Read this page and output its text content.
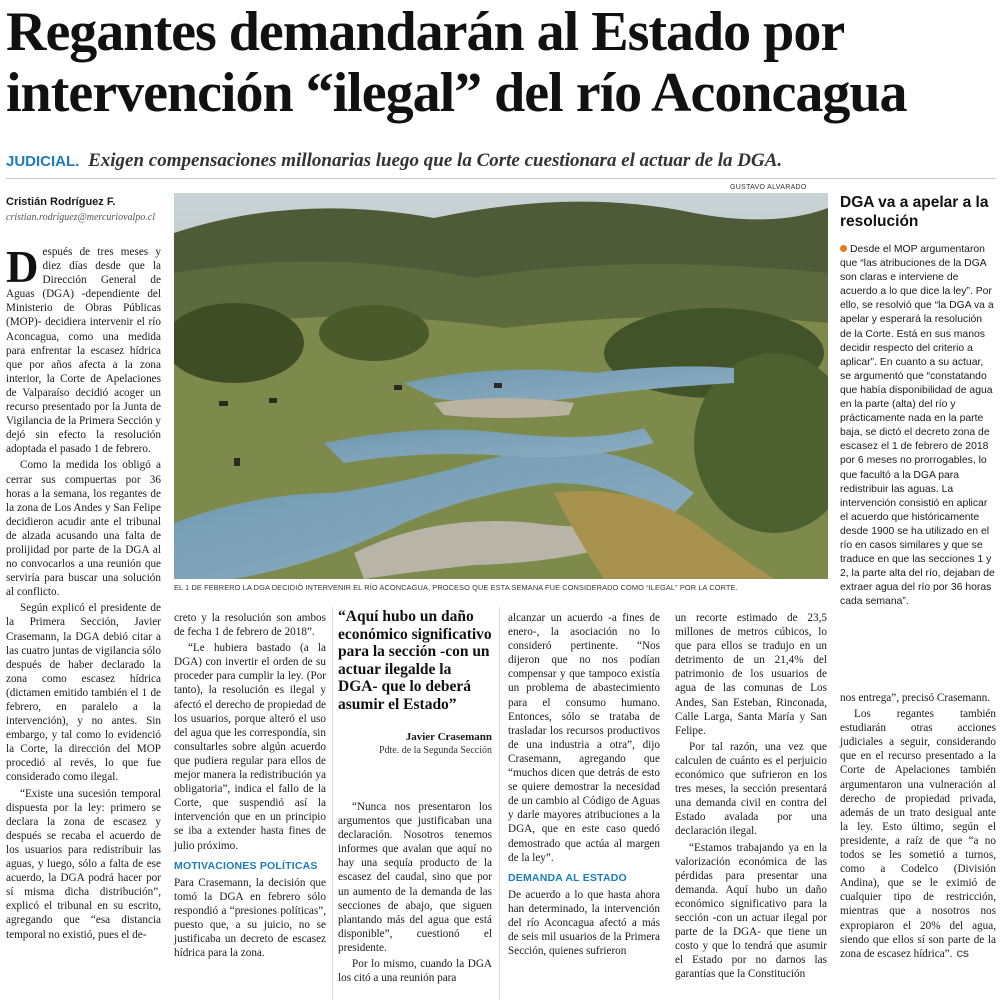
Regantes demandarán al Estado por intervención “ilegal” del río Aconcagua
JUDICIAL. Exigen compensaciones millonarias luego que la Corte cuestionara el actuar de la DGA.
Cristián Rodríguez F.
cristian.rodriguez@mercuriovalpo.cl
GUSTAVO ALVARADO
EL 1 DE FEBRERO LA DGA DECIDIÓ INTERVENIR EL RÍO ACONCAGUA, PROCESO QUE ESTA SEMANA FUE CONSIDERADO COMO “ILEGAL” POR LA CORTE.

Después de tres meses y diez días desde que la Dirección General de Aguas (DGA) -dependiente del Ministerio de Obras Públicas (MOP)- decidiera intervenir el río Aconcagua, como una medida para enfrentar la escasez hídrica que por años afecta a la zona interior, la Corte de Apelaciones de Valparaíso decidió acoger un recurso presentado por la Junta de Vigilancia de la Primera Sección y dejó sin efecto la resolución adoptada el pasado 1 de febrero.

Como la medida los obligó a cerrar sus compuertas por 36 horas a la semana, los regantes de la zona de Los Andes y San Felipe decidieron acudir ante el tribunal de alzada acusando una falta de prolijidad por parte de la DGA al no convocarlos a una reunión que serviría para buscar una solución al conflicto.

Según explicó el presidente de la Primera Sección, Javier Crasemann, la DGA debió citar a las cuatro juntas de vigilancia sólo después de haber declarado la zona como escasez hídrica (dictamen emitido también el 1 de febrero, en paralelo a la intervención), y no antes. Sin embargo, y tal como lo evidenció la Corte, la dirección del MOP procedió al revés, lo que fue considerado como ilegal.

“Existe una sucesión temporal dispuesta por la ley: primero se declara la zona de escasez y después se recaba el acuerdo de los usuarios para redistribuir las aguas, y luego, sólo a falta de ese acuerdo, la DGA podrá hacer por sí misma dicha distribución”, explicó el tribunal en su escrito, agregando que “esa distancia temporal no existió, pues el de-

creto y la resolución son ambos de fecha 1 de febrero de 2018”.

“Le hubiera bastado (a la DGA) con invertir el orden de su proceder para cumplir la ley. (Por tanto), la resolución es ilegal y afectó el derecho de propiedad de los usuarios, porque alteró el uso del agua que les correspondía, sin consultarles sobre algún acuerdo que pudiera regular para ellos de mejor manera la redistribución ya obligatoria”, indica el fallo de la Corte, que suspendió así la intervención que en un principio se iba a extender hasta fines de julio próximo.

MOTIVACIONES POLÍTICAS

Para Crasemann, la decisión que tomó la DGA en febrero sólo respondió a “presiones políticas”, puesto que, a su juicio, no se justificaba un decreto de escasez hídrica para la zona.

“Aquí hubo un daño económico significativo para la sección -con un actuar ilegalde la DGA- que lo deberá asumir el Estado”

Javier Crasemann
Pdte. de la Segunda Sección

“Nunca nos presentaron los argumentos que justificaban una declaración. Nosotros tenemos informes que avalan que aquí no hay una sequía producto de la escasez del caudal, sino que por un aumento de la demanda de las secciones de abajo, que siguen plantando más del agua que está disponible”, cuestionó el presidente.

Por lo mismo, cuando la DGA los citó a una reunión para

alcanzar un acuerdo -a fines de enero-, la asociación no lo consideró pertinente. “Nos dijeron que no nos podían compensar y que tampoco existía un problema de abastecimiento para el consumo humano. Entonces, sólo se trataba de trasladar los recursos productivos de una industria a otra”, dijo Crasemann, agregando que “muchos dicen que detrás de esto se quiere demostrar la necesidad de un cambio al Código de Aguas y darle mayores atribuciones a la DGA, que en este caso quedó demostrado que actúa al margen de la ley”.

DEMANDA AL ESTADO

De acuerdo a lo que hasta ahora han determinado, la intervención del río Aconcagua afectó a más de seis mil usuarios de la Primera Sección, quienes sufrieron

un recorte estimado de 23,5 millones de metros cúbicos, lo que para ellos se tradujo en un detrimento de un 21,4% del patrimonio de los usuarios de agua de las comunas de Los Andes, San Esteban, Rinconada, Calle Larga, Santa María y San Felipe.

Por tal razón, una vez que calculen de cuánto es el perjuicio económico que sufrieron en los tres meses, la sección presentará una demanda civil en contra del Estado avalada por una declaración ilegal.

“Estamos trabajando ya en la valorización económica de las pérdidas para presentar una demanda. Aquí hubo un daño económico significativo para la sección -con un actuar ilegal por parte de la DGA- que tiene un costo y que lo tendrá que asumir el Estado por no darnos las garantías que la Constitución

nos entrega”, precisó Crasemann.

Los regantes también estudiarán otras acciones judiciales a seguir, considerando que en el recurso presentado a la Corte de Apelaciones también argumentaron una vulneración al derecho de propiedad privada, además de un trato desigual ante la ley. Esto último, según el presidente, a raíz de que “a no todos se les sometió a turnos, como a Codelco (División Andina), que se le eximió de cualquier tipo de restricción, mientras que a nosotros nos expropiaron el 20% del agua, siendo que ellos sí son parte de la zona de escasez hídrica”. CS

DGA va a apelar a la resolución

Desde el MOP argumentaron que “las atribuciones de la DGA son claras e interviene de acuerdo a lo que dice la ley”. Por ello, se resolvió que “la DGA va a apelar y esperará la resolución de la Corte. Está en sus manos decidir respecto del criterio a aplicar”. En cuanto a su actuar, se argumentó que “constatando que había disponibilidad de agua en la parte (alta) del río y prácticamente nada en la parte baja, se dictó el decreto zona de escasez el 1 de febrero de 2018 por 6 meses no prorrogables, lo que facultó a la DGA para redistribuir las aguas. La intervención consistió en aplicar el acuerdo que históricamente desde 1900 se ha utilizado en el río en casos similares y que se traduce en que las secciones 1 y 2, la parte alta del río, dejaban de extraer agua del río por 36 horas cada semana”.
